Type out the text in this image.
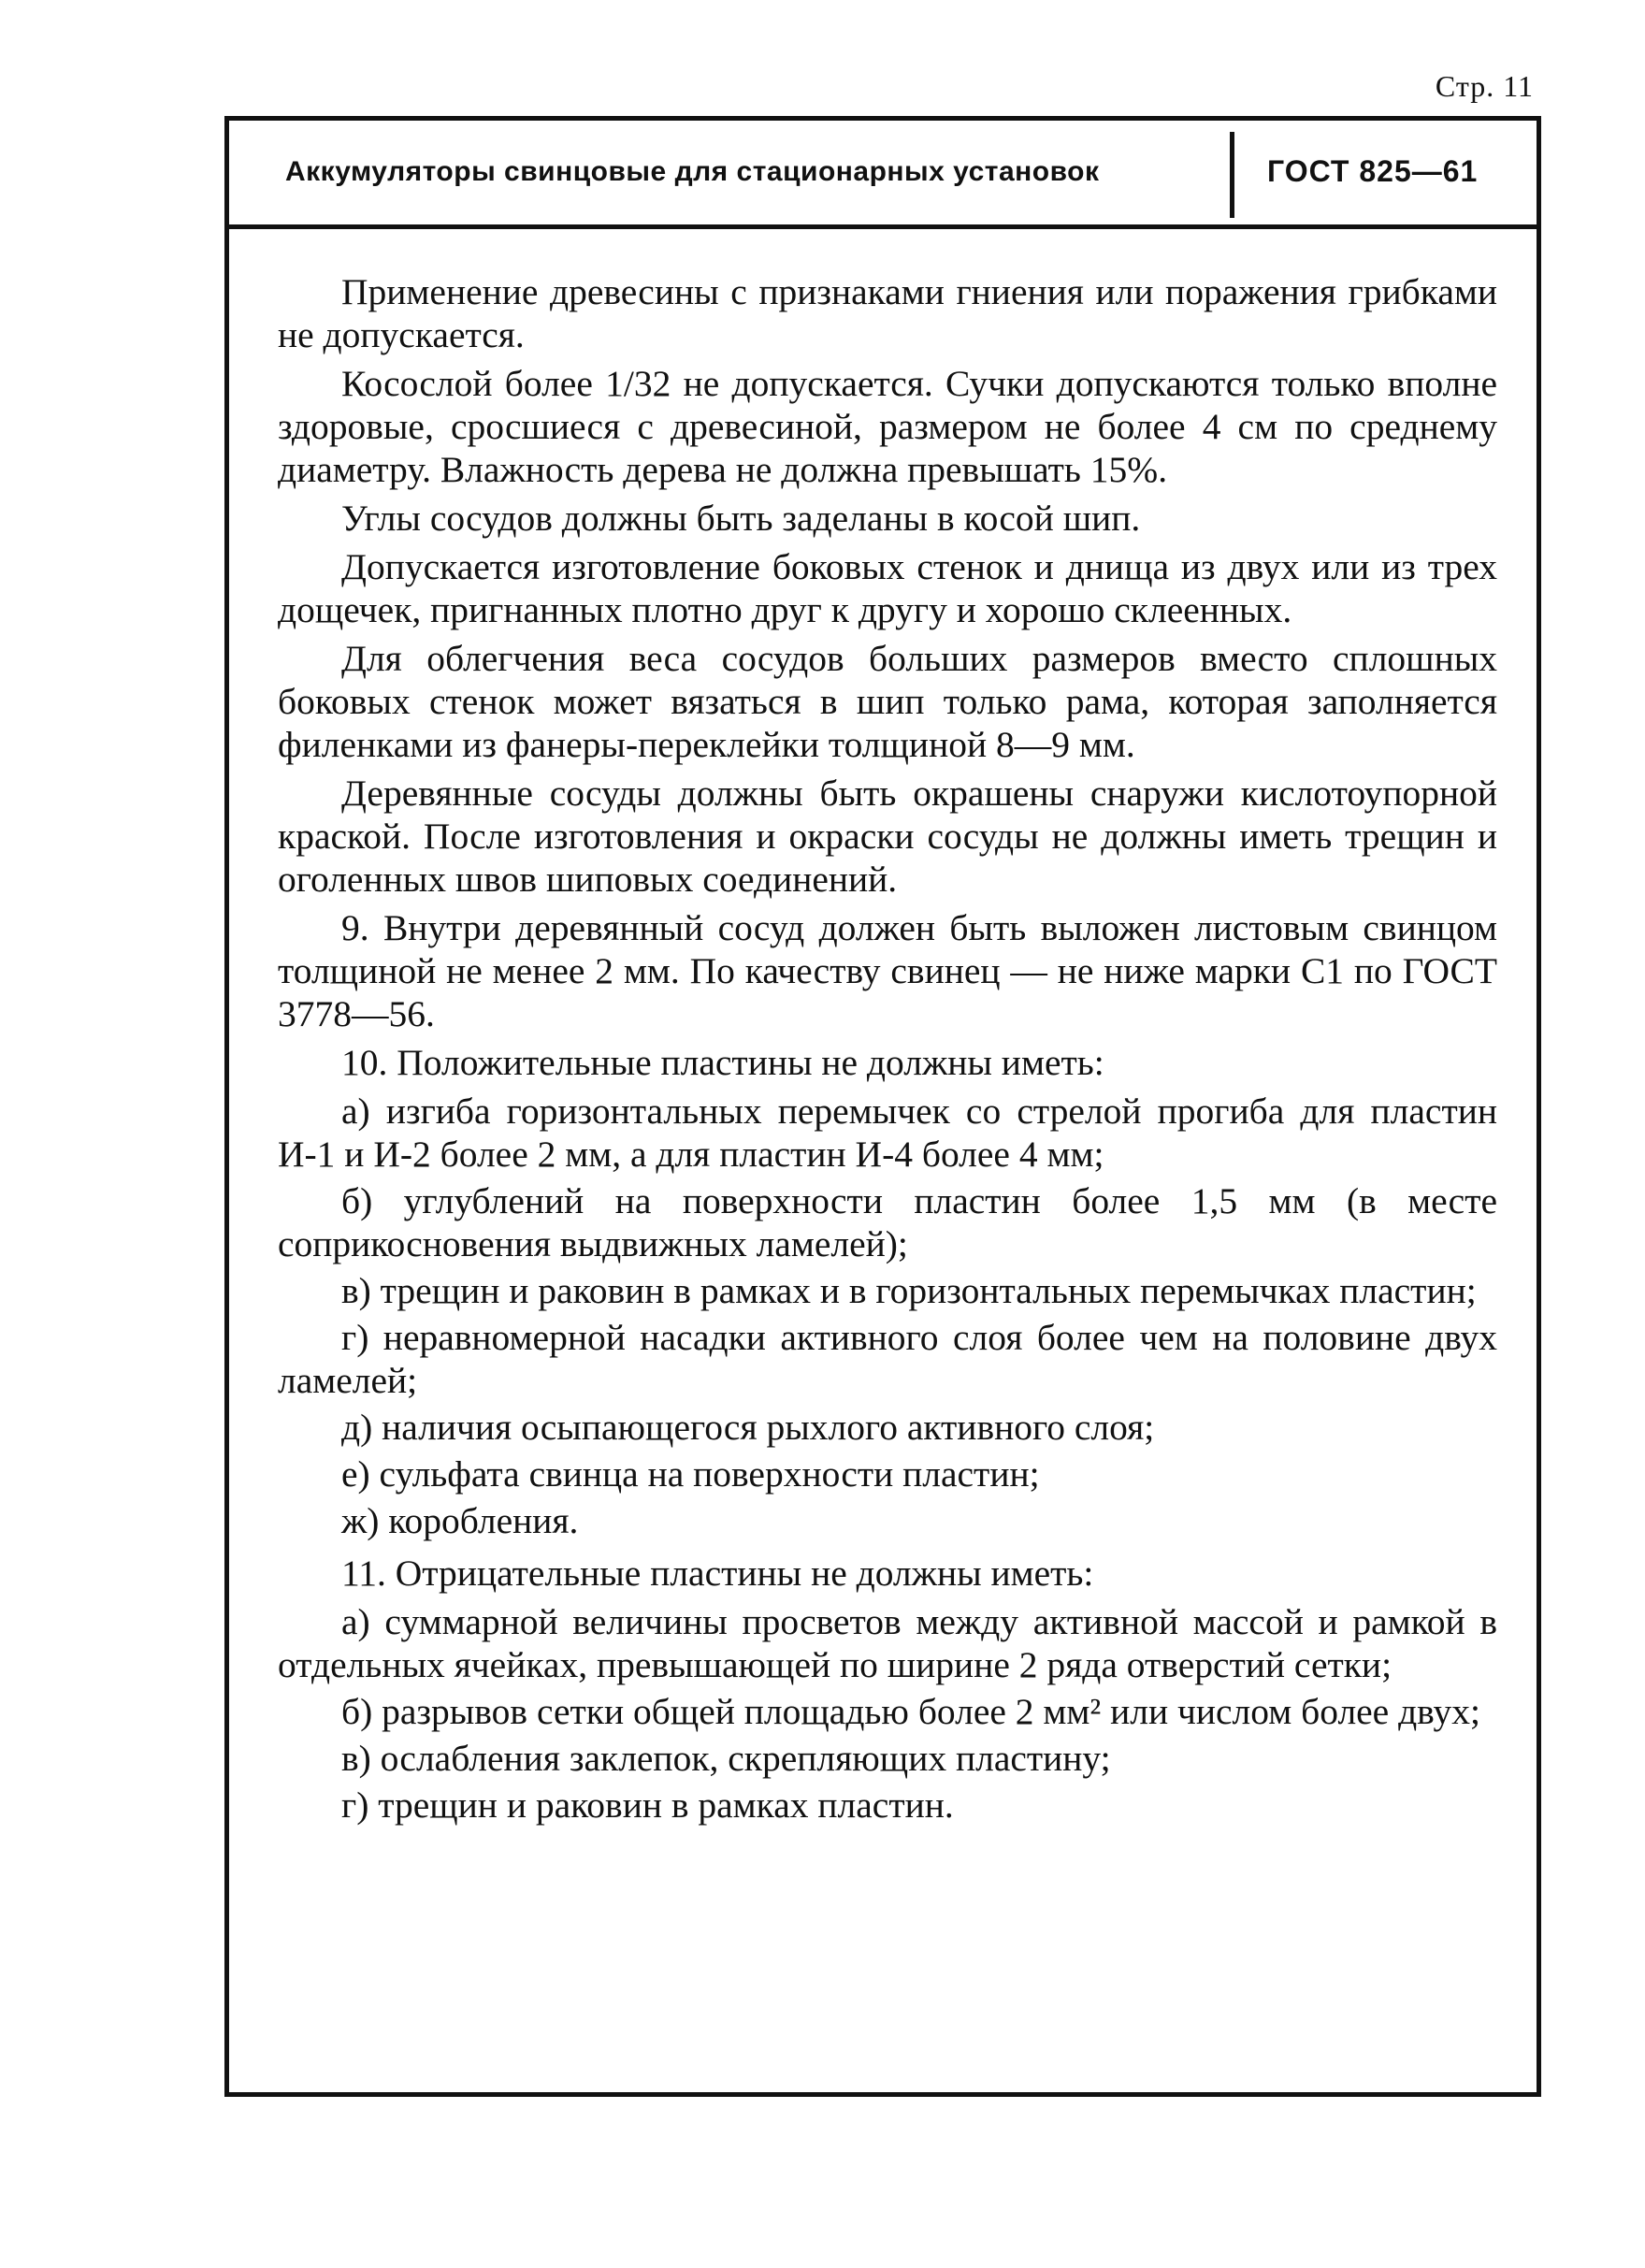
Стр. 11
Аккумуляторы свинцовые для стационарных установок	ГОСТ 825—61

Применение древесины с признаками гниения или поражения грибками не допускается.

Косослой более 1/32 не допускается. Сучки допускаются только вполне здоровые, сросшиеся с древесиной, размером не более 4 см по среднему диаметру. Влажность дерева не должна превышать 15%.

Углы сосудов должны быть заделаны в косой шип.

Допускается изготовление боковых стенок и днища из двух или из трех дощечек, пригнанных плотно друг к другу и хорошо склеенных.

Для облегчения веса сосудов больших размеров вместо сплошных боковых стенок может вязаться в шип только рама, которая заполняется филенками из фанеры-переклейки толщиной 8—9 мм.

Деревянные сосуды должны быть окрашены снаружи кислотоупорной краской. После изготовления и окраски сосуды не должны иметь трещин и оголенных швов шиповых соединений.

9. Внутри деревянный сосуд должен быть выложен листовым свинцом толщиной не менее 2 мм. По качеству свинец — не ниже марки С1 по ГОСТ 3778—56.

10. Положительные пластины не должны иметь:

а) изгиба горизонтальных перемычек со стрелой прогиба для пластин И-1 и И-2 более 2 мм, а для пластин И-4 более 4 мм;

б) углублений на поверхности пластин более 1,5 мм (в месте соприкосновения выдвижных ламелей);

в) трещин и раковин в рамках и в горизонтальных перемычках пластин;

г) неравномерной насадки активного слоя более чем на половине двух ламелей;

д) наличия осыпающегося рыхлого активного слоя;

е) сульфата свинца на поверхности пластин;

ж) коробления.

11. Отрицательные пластины не должны иметь:

а) суммарной величины просветов между активной массой и рамкой в отдельных ячейках, превышающей по ширине 2 ряда отверстий сетки;

б) разрывов сетки общей площадью более 2 мм² или числом более двух;

в) ослабления заклепок, скрепляющих пластину;

г) трещин и раковин в рамках пластин.
